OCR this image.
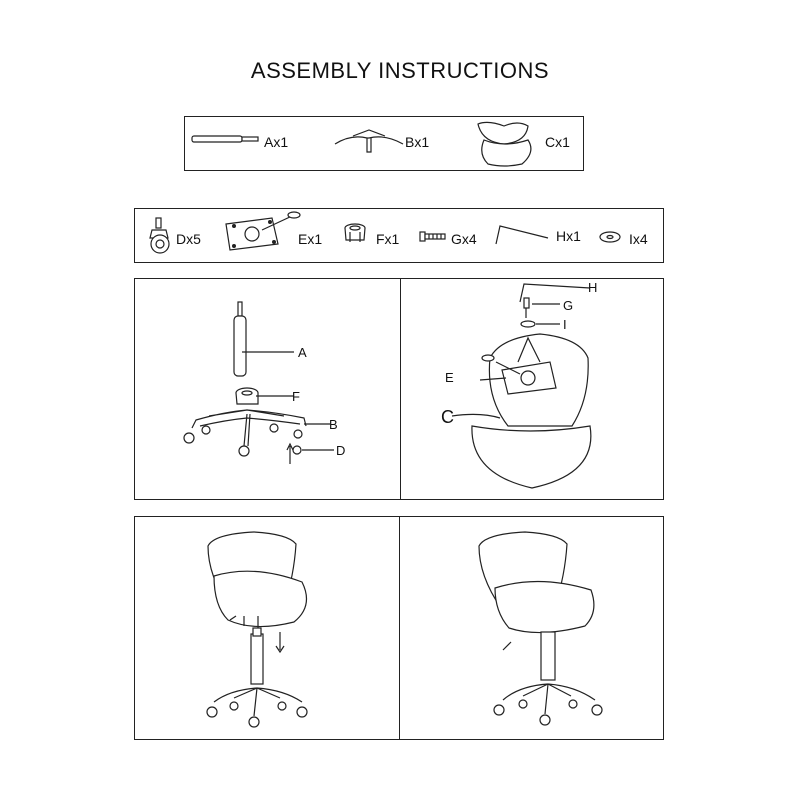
ASSEMBLY INSTRUCTIONS
Ax1	Bx1	Cx1
Dx5	Ex1	Fx1	Gx4	Hx1	Ix4
A
F
B
D
H
G
I
E
C
